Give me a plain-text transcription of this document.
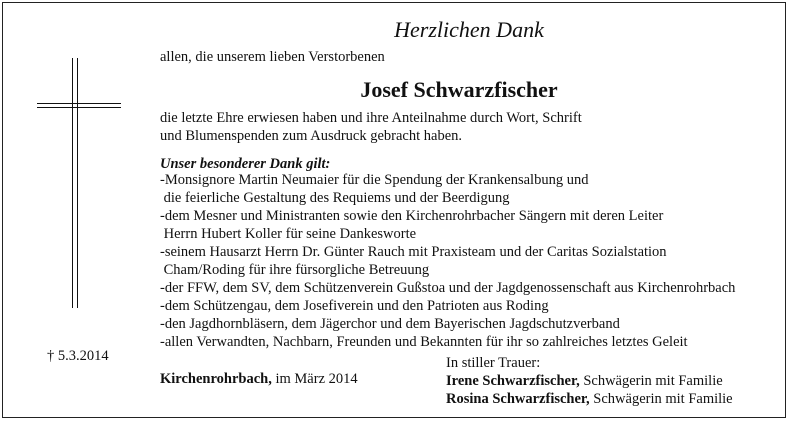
Herzlichen Dank
allen, die unserem lieben Verstorbenen
Josef Schwarzfischer
die letzte Ehre erwiesen haben und ihre Anteilnahme durch Wort, Schrift
und Blumenspenden zum Ausdruck gebracht haben.
Unser besonderer Dank gilt:
-Monsignore Martin Neumaier für die Spendung der Krankensalbung und
die feierliche Gestaltung des Requiems und der Beerdigung
-dem Mesner und Ministranten sowie den Kirchenrohrbacher Sängern mit deren Leiter
Herrn Hubert Koller für seine Dankesworte
-seinem Hausarzt Herrn Dr. Günter Rauch mit Praxisteam und der Caritas Sozialstation
Cham/Roding für ihre fürsorgliche Betreuung
-der FFW, dem SV, dem Schützenverein Gußstoa und der Jagdgenossenschaft aus Kirchenrohrbach
-dem Schützengau, dem Josefiverein und den Patrioten aus Roding
-den Jagdhornbläsern, dem Jägerchor und dem Bayerischen Jagdschutzverband
-allen Verwandten, Nachbarn, Freunden und Bekannten für ihr so zahlreiches letztes Geleit
† 5.3.2014
Kirchenrohrbach, im März 2014
In stiller Trauer:
Irene Schwarzfischer, Schwägerin mit Familie
Rosina Schwarzfischer, Schwägerin mit Familie
